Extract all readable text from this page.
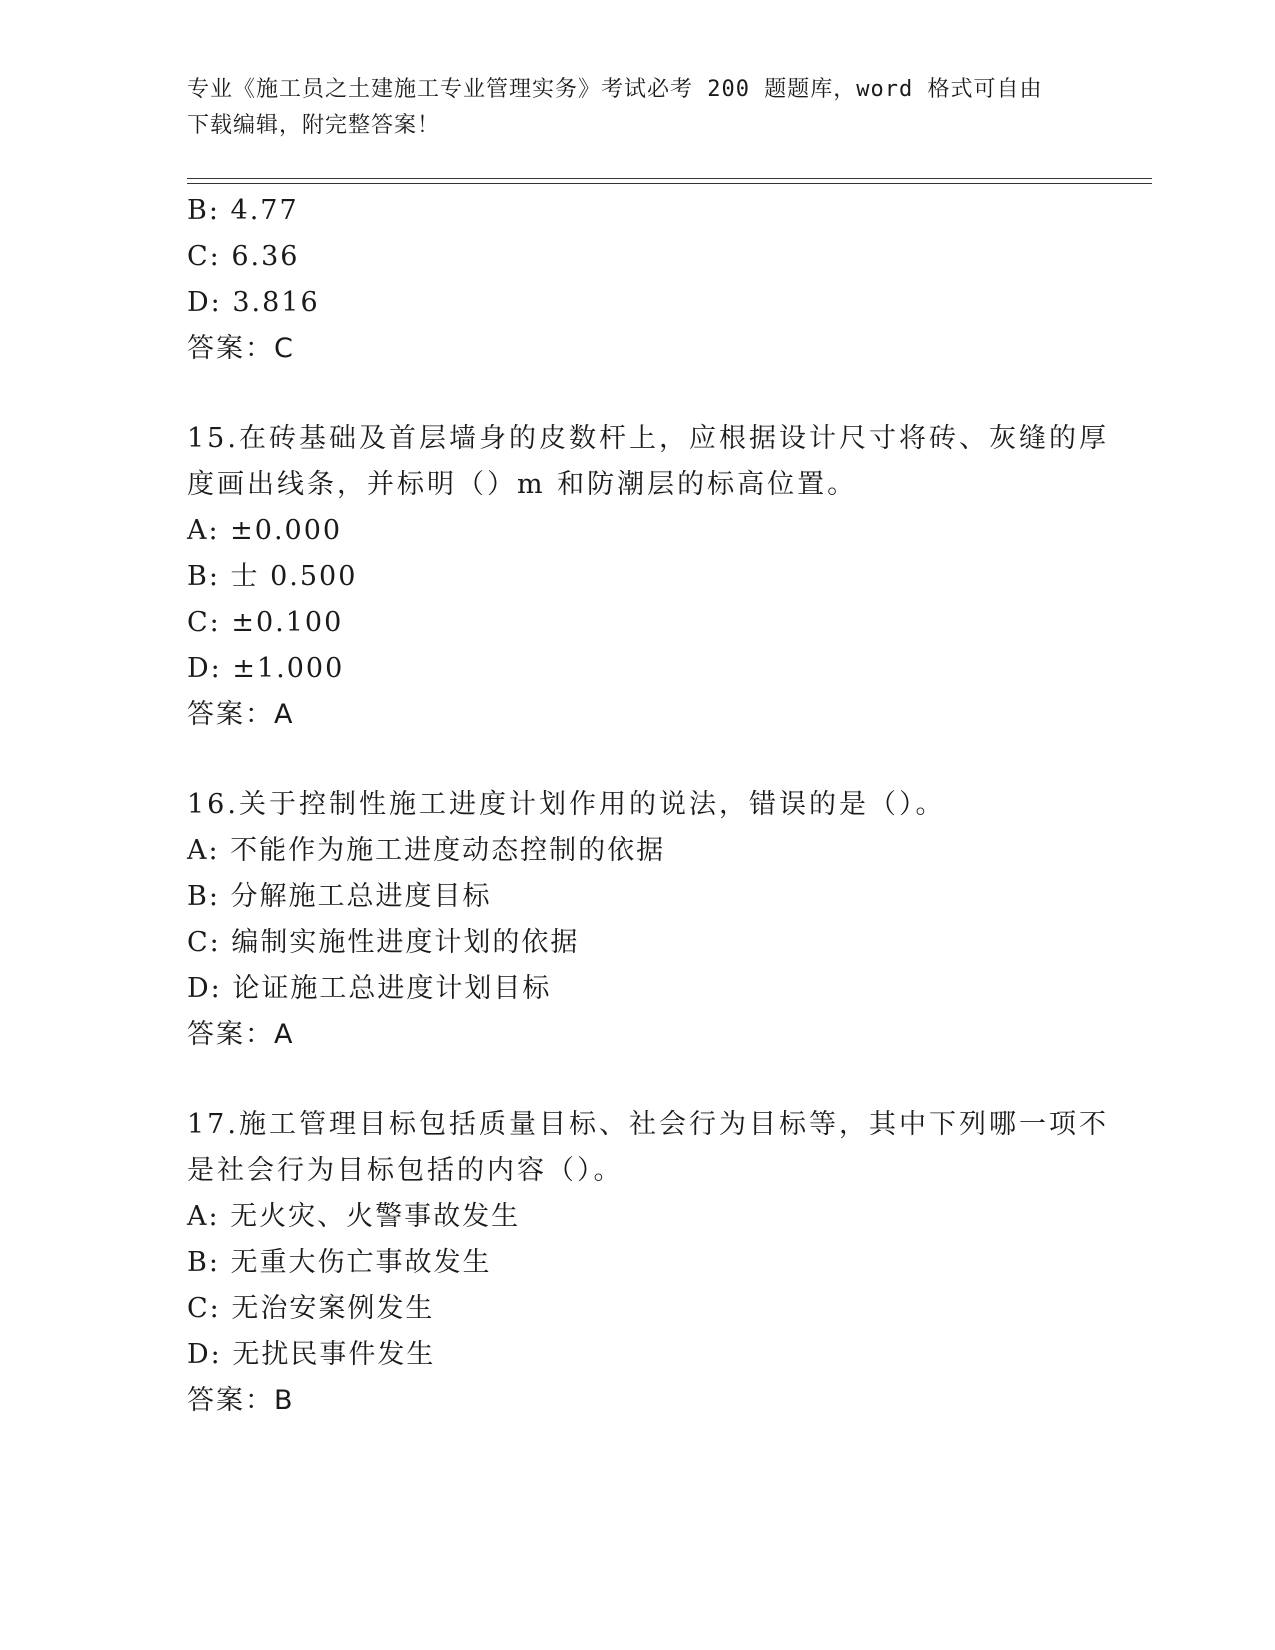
专业《施工员之土建施工专业管理实务》考试必考 200 题题库，word 格式可自由
下载编辑，附完整答案！
B: 4.77
C: 6.36
D: 3.816
答案：C
15.在砖基础及首层墙身的皮数杆上，应根据设计尺寸将砖、灰缝的厚
度画出线条，并标明（）m 和防潮层的标高位置。
A: ±0.000
B: 士 0.500
C: ±0.100
D: ±1.000
答案：A
16.关于控制性施工进度计划作用的说法，错误的是（）。
A: 不能作为施工进度动态控制的依据
B: 分解施工总进度目标
C: 编制实施性进度计划的依据
D: 论证施工总进度计划目标
答案：A
17.施工管理目标包括质量目标、社会行为目标等，其中下列哪一项不
是社会行为目标包括的内容（）。
A: 无火灾、火警事故发生
B: 无重大伤亡事故发生
C: 无治安案例发生
D: 无扰民事件发生
答案：B
